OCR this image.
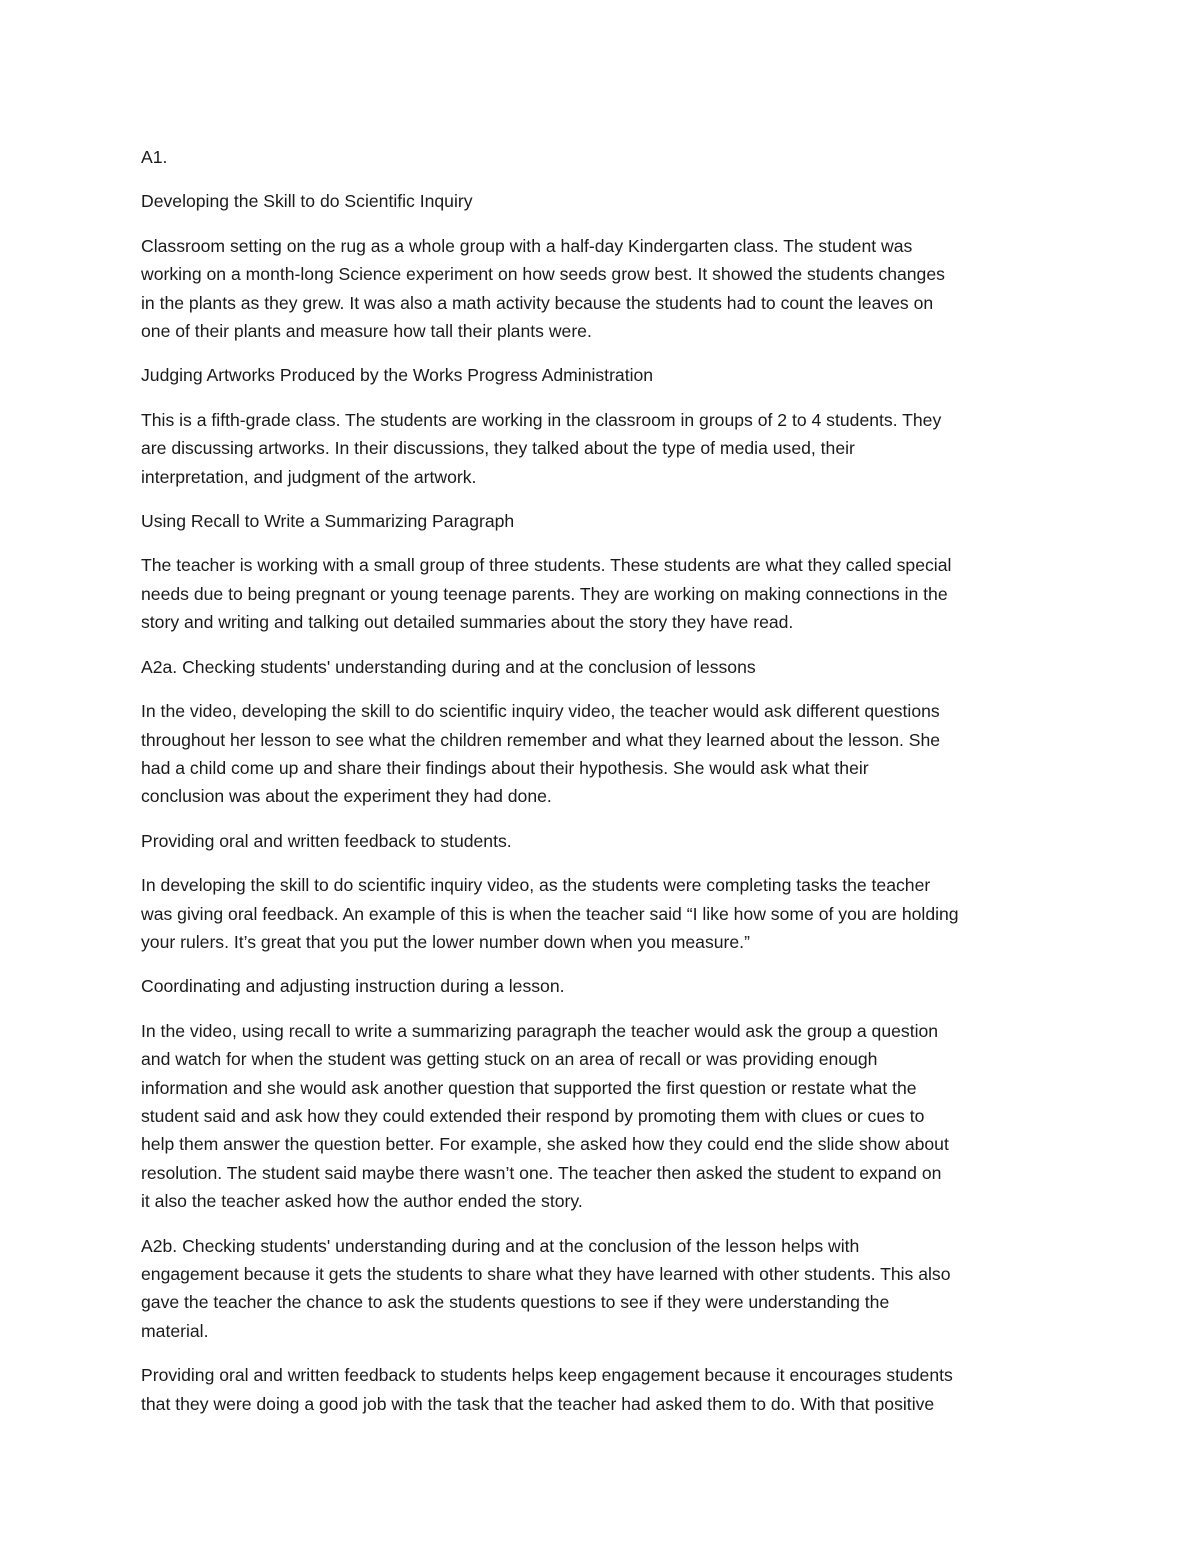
A1.

Developing the Skill to do Scientific Inquiry

Classroom setting on the rug as a whole group with a half-day Kindergarten class. The student was
working on a month-long Science experiment on how seeds grow best. It showed the students changes
in the plants as they grew. It was also a math activity because the students had to count the leaves on
one of their plants and measure how tall their plants were.

Judging Artworks Produced by the Works Progress Administration

This is a fifth-grade class. The students are working in the classroom in groups of 2 to 4 students. They
are discussing artworks. In their discussions, they talked about the type of media used, their
interpretation, and judgment of the artwork.

Using Recall to Write a Summarizing Paragraph

The teacher is working with a small group of three students. These students are what they called special
needs due to being pregnant or young teenage parents. They are working on making connections in the
story and writing and talking out detailed summaries about the story they have read.

A2a. Checking students' understanding during and at the conclusion of lessons

In the video, developing the skill to do scientific inquiry video, the teacher would ask different questions
throughout her lesson to see what the children remember and what they learned about the lesson. She
had a child come up and share their findings about their hypothesis. She would ask what their
conclusion was about the experiment they had done.

Providing oral and written feedback to students.

In developing the skill to do scientific inquiry video, as the students were completing tasks the teacher
was giving oral feedback. An example of this is when the teacher said “I like how some of you are holding
your rulers. It’s great that you put the lower number down when you measure.”

Coordinating and adjusting instruction during a lesson.

In the video, using recall to write a summarizing paragraph the teacher would ask the group a question
and watch for when the student was getting stuck on an area of recall or was providing enough
information and she would ask another question that supported the first question or restate what the
student said and ask how they could extended their respond by promoting them with clues or cues to
help them answer the question better. For example, she asked how they could end the slide show about
resolution. The student said maybe there wasn’t one. The teacher then asked the student to expand on
it also the teacher asked how the author ended the story.

A2b. Checking students' understanding during and at the conclusion of the lesson helps with
engagement because it gets the students to share what they have learned with other students. This also
gave the teacher the chance to ask the students questions to see if they were understanding the
material.

Providing oral and written feedback to students helps keep engagement because it encourages students
that they were doing a good job with the task that the teacher had asked them to do. With that positive
